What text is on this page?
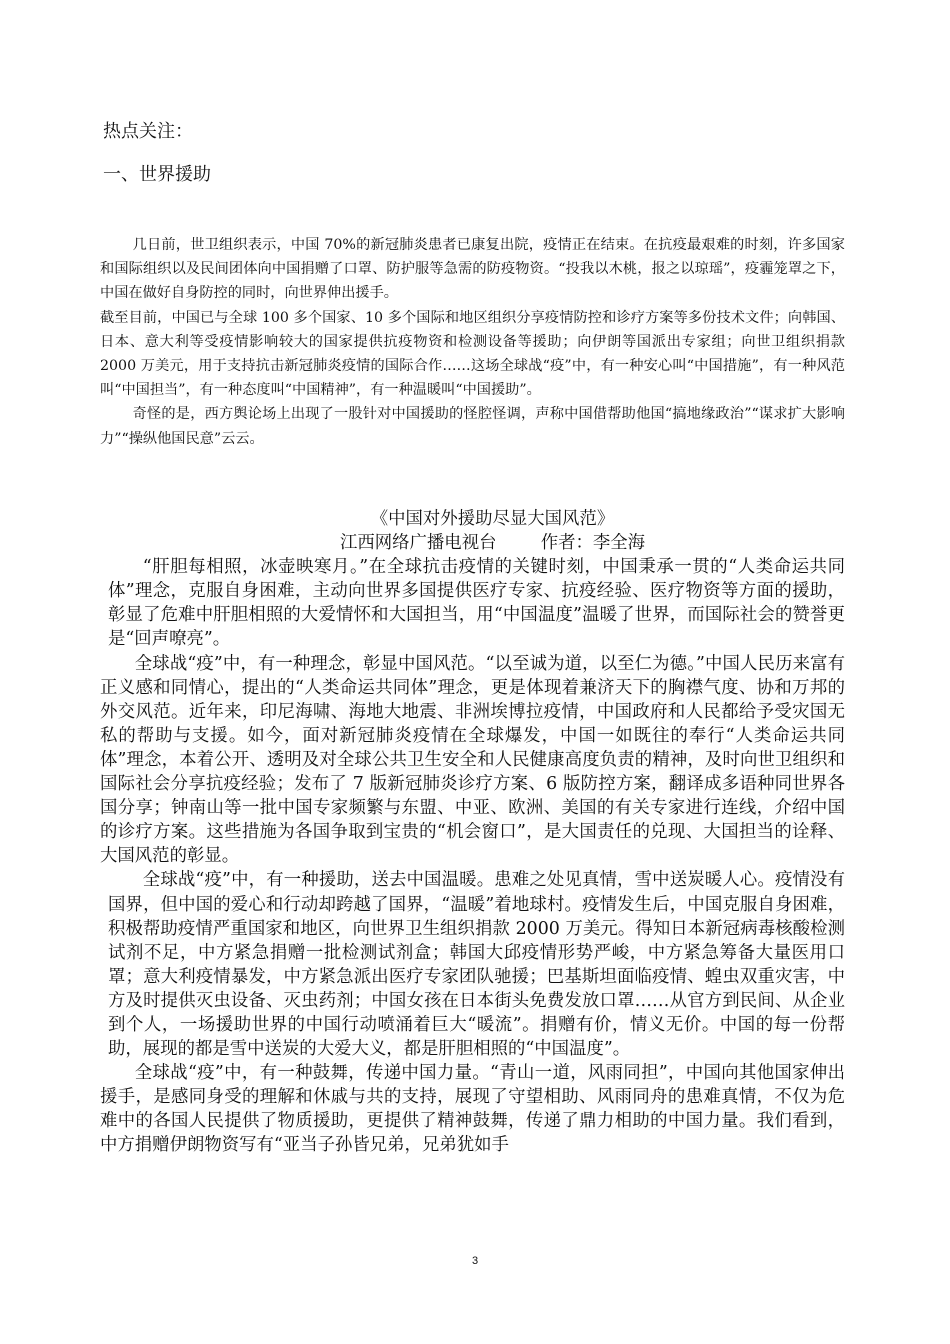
热点关注：
一、世界援助

几日前，世卫组织表示，中国 70%的新冠肺炎患者已康复出院，疫情正在结束。在抗疫最艰难的时刻，许多国家和国际组织以及民间团体向中国捐赠了口罩、防护服等急需的防疫物资。“投我以木桃，报之以琼瑶”，疫霾笼罩之下，中国在做好自身防控的同时，向世界伸出援手。

截至目前，中国已与全球 100 多个国家、10 多个国际和地区组织分享疫情防控和诊疗方案等多份技术文件；向韩国、日本、意大利等受疫情影响较大的国家提供抗疫物资和检测设备等援助；向伊朗等国派出专家组；向世卫组织捐款 2000 万美元，用于支持抗击新冠肺炎疫情的国际合作……这场全球战“疫”中，有一种安心叫“中国措施”，有一种风范叫“中国担当”，有一种态度叫“中国精神”，有一种温暖叫“中国援助”。

奇怪的是，西方舆论场上出现了一股针对中国援助的怪腔怪调，声称中国借帮助他国“搞地缘政治”“谋求扩大影响力”“操纵他国民意”云云。

《中国对外援助尽显大国风范》

江西网络广播电视台        作者：李全海

“肝胆每相照，冰壶映寒月。”在全球抗击疫情的关键时刻，中国秉承一贯的“人类命运共同体”理念，克服自身困难，主动向世界多国提供医疗专家、抗疫经验、医疗物资等方面的援助，彰显了危难中肝胆相照的大爱情怀和大国担当，用“中国温度”温暖了世界，而国际社会的赞誉更是“回声嘹亮”。

全球战“疫”中，有一种理念，彰显中国风范。“以至诚为道，以至仁为德。”中国人民历来富有正义感和同情心，提出的“人类命运共同体”理念，更是体现着兼济天下的胸襟气度、协和万邦的外交风范。近年来，印尼海啸、海地大地震、非洲埃博拉疫情，中国政府和人民都给予受灾国无私的帮助与支援。如今，面对新冠肺炎疫情在全球爆发，中国一如既往的奉行“人类命运共同体”理念，本着公开、透明及对全球公共卫生安全和人民健康高度负责的精神，及时向世卫组织和国际社会分享抗疫经验；发布了 7 版新冠肺炎诊疗方案、6 版防控方案，翻译成多语种同世界各国分享；钟南山等一批中国专家频繁与东盟、中亚、欧洲、美国的有关专家进行连线，介绍中国的诊疗方案。这些措施为各国争取到宝贵的“机会窗口”，是大国责任的兑现、大国担当的诠释、大国风范的彰显。

全球战“疫”中，有一种援助，送去中国温暖。患难之处见真情，雪中送炭暖人心。疫情没有国界，但中国的爱心和行动却跨越了国界，“温暖”着地球村。疫情发生后，中国克服自身困难，积极帮助疫情严重国家和地区，向世界卫生组织捐款 2000 万美元。得知日本新冠病毒核酸检测试剂不足，中方紧急捐赠一批检测试剂盒；韩国大邱疫情形势严峻，中方紧急筹备大量医用口罩；意大利疫情暴发，中方紧急派出医疗专家团队驰援；巴基斯坦面临疫情、蝗虫双重灾害，中方及时提供灭虫设备、灭虫药剂；中国女孩在日本街头免费发放口罩……从官方到民间、从企业到个人，一场援助世界的中国行动喷涌着巨大“暖流”。捐赠有价，情义无价。中国的每一份帮助，展现的都是雪中送炭的大爱大义，都是肝胆相照的“中国温度”。

全球战“疫”中，有一种鼓舞，传递中国力量。“青山一道，风雨同担”，中国向其他国家伸出援手，是感同身受的理解和休戚与共的支持，展现了守望相助、风雨同舟的患难真情，不仅为危难中的各国人民提供了物质援助，更提供了精神鼓舞，传递了鼎力相助的中国力量。我们看到，中方捐赠伊朗物资写有“亚当子孙皆兄弟，兄弟犹如手

3
